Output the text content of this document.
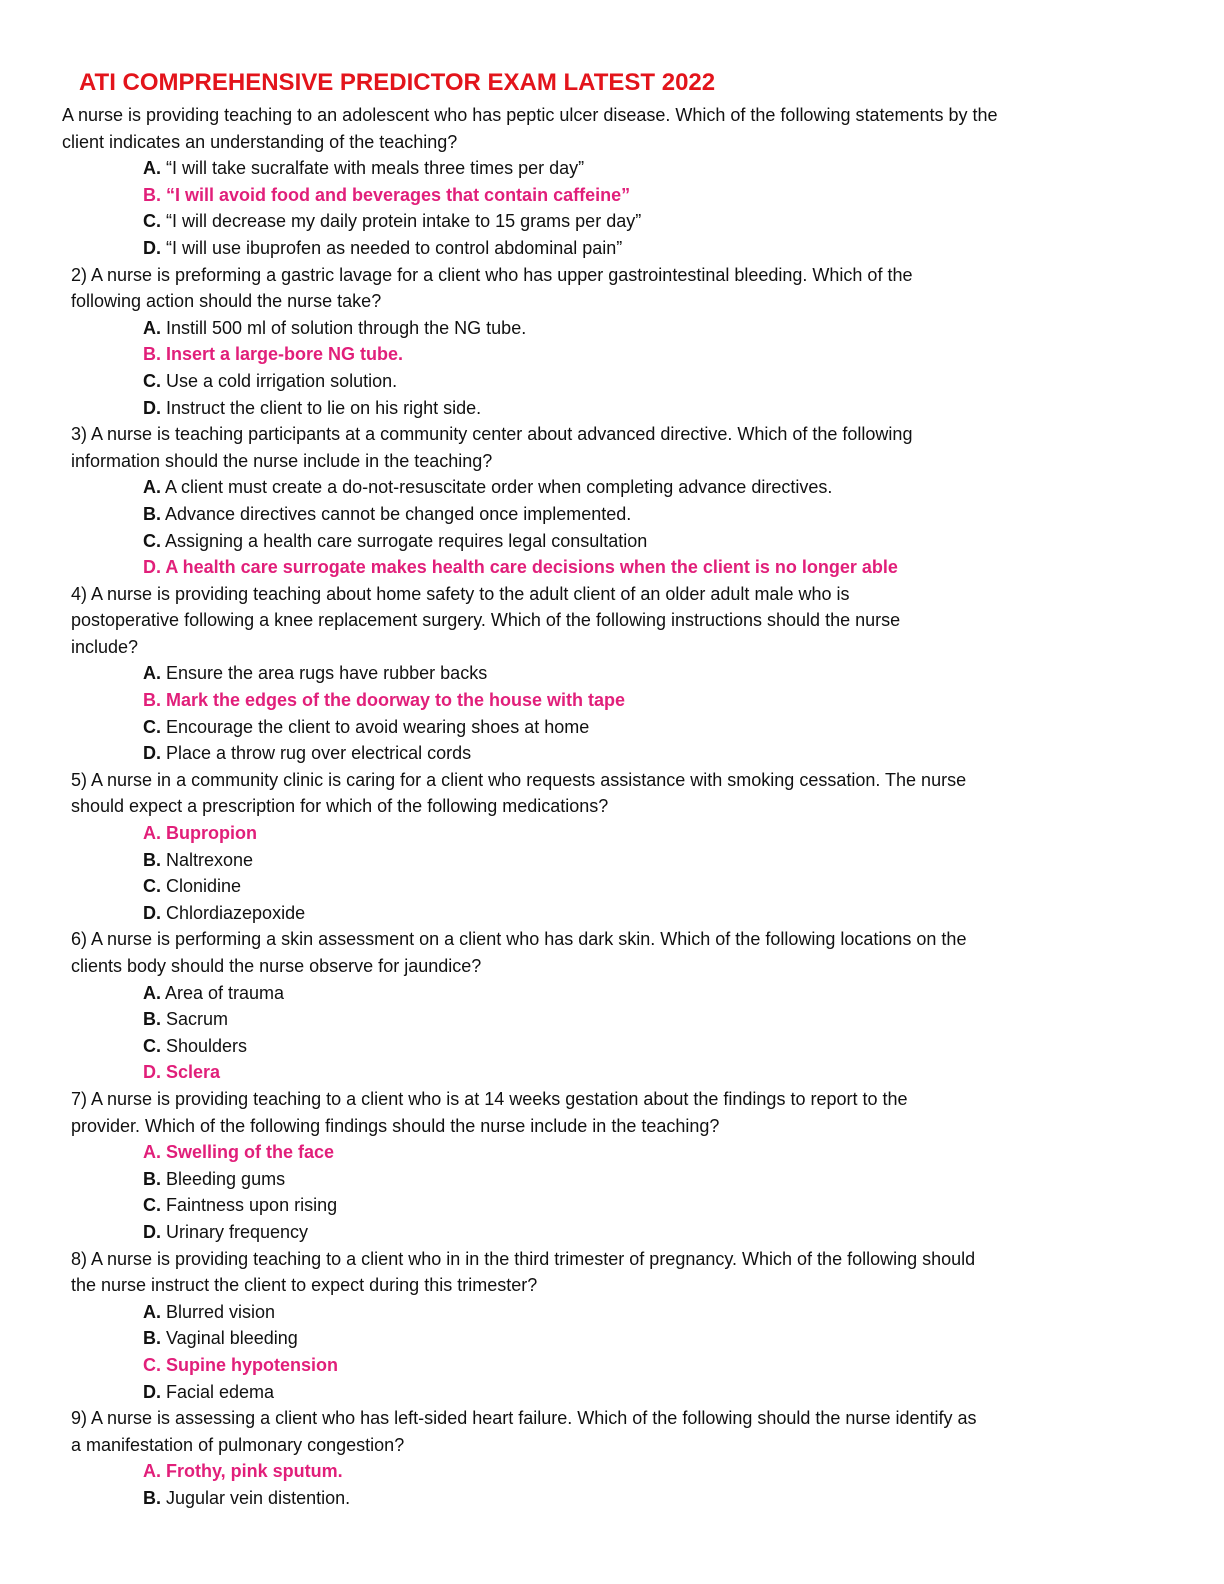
ATI COMPREHENSIVE PREDICTOR EXAM LATEST 2022
A nurse is providing teaching to an adolescent who has peptic ulcer disease. Which of the following statements by the
client indicates an understanding of the teaching?
A. “I will take sucralfate with meals three times per day”
B. “I will avoid food and beverages that contain caffeine”
C. “I will decrease my daily protein intake to 15 grams per day”
D. “I will use ibuprofen as needed to control abdominal pain”
2) A nurse is preforming a gastric lavage for a client who has upper gastrointestinal bleeding. Which of the
following action should the nurse take?
A. Instill 500 ml of solution through the NG tube.
B. Insert a large-bore NG tube.
C. Use a cold irrigation solution.
D. Instruct the client to lie on his right side.
3) A nurse is teaching participants at a community center about advanced directive. Which of the following
information should the nurse include in the teaching?
A. A client must create a do-not-resuscitate order when completing advance directives.
B. Advance directives cannot be changed once implemented.
C. Assigning a health care surrogate requires legal consultation
D. A health care surrogate makes health care decisions when the client is no longer able
4) A nurse is providing teaching about home safety to the adult client of an older adult male who is
postoperative following a knee replacement surgery. Which of the following instructions should the nurse
include?
A. Ensure the area rugs have rubber backs
B. Mark the edges of the doorway to the house with tape
C. Encourage the client to avoid wearing shoes at home
D. Place a throw rug over electrical cords
5) A nurse in a community clinic is caring for a client who requests assistance with smoking cessation. The nurse
should expect a prescription for which of the following medications?
A. Bupropion
B. Naltrexone
C. Clonidine
D. Chlordiazepoxide
6) A nurse is performing a skin assessment on a client who has dark skin. Which of the following locations on the
clients body should the nurse observe for jaundice?
A. Area of trauma
B. Sacrum
C. Shoulders
D. Sclera
7) A nurse is providing teaching to a client who is at 14 weeks gestation about the findings to report to the
provider. Which of the following findings should the nurse include in the teaching?
A. Swelling of the face
B. Bleeding gums
C. Faintness upon rising
D. Urinary frequency
8) A nurse is providing teaching to a client who in in the third trimester of pregnancy. Which of the following should
the nurse instruct the client to expect during this trimester?
A. Blurred vision
B. Vaginal bleeding
C. Supine hypotension
D. Facial edema
9) A nurse is assessing a client who has left-sided heart failure. Which of the following should the nurse identify as
a manifestation of pulmonary congestion?
A. Frothy, pink sputum.
B. Jugular vein distention.
